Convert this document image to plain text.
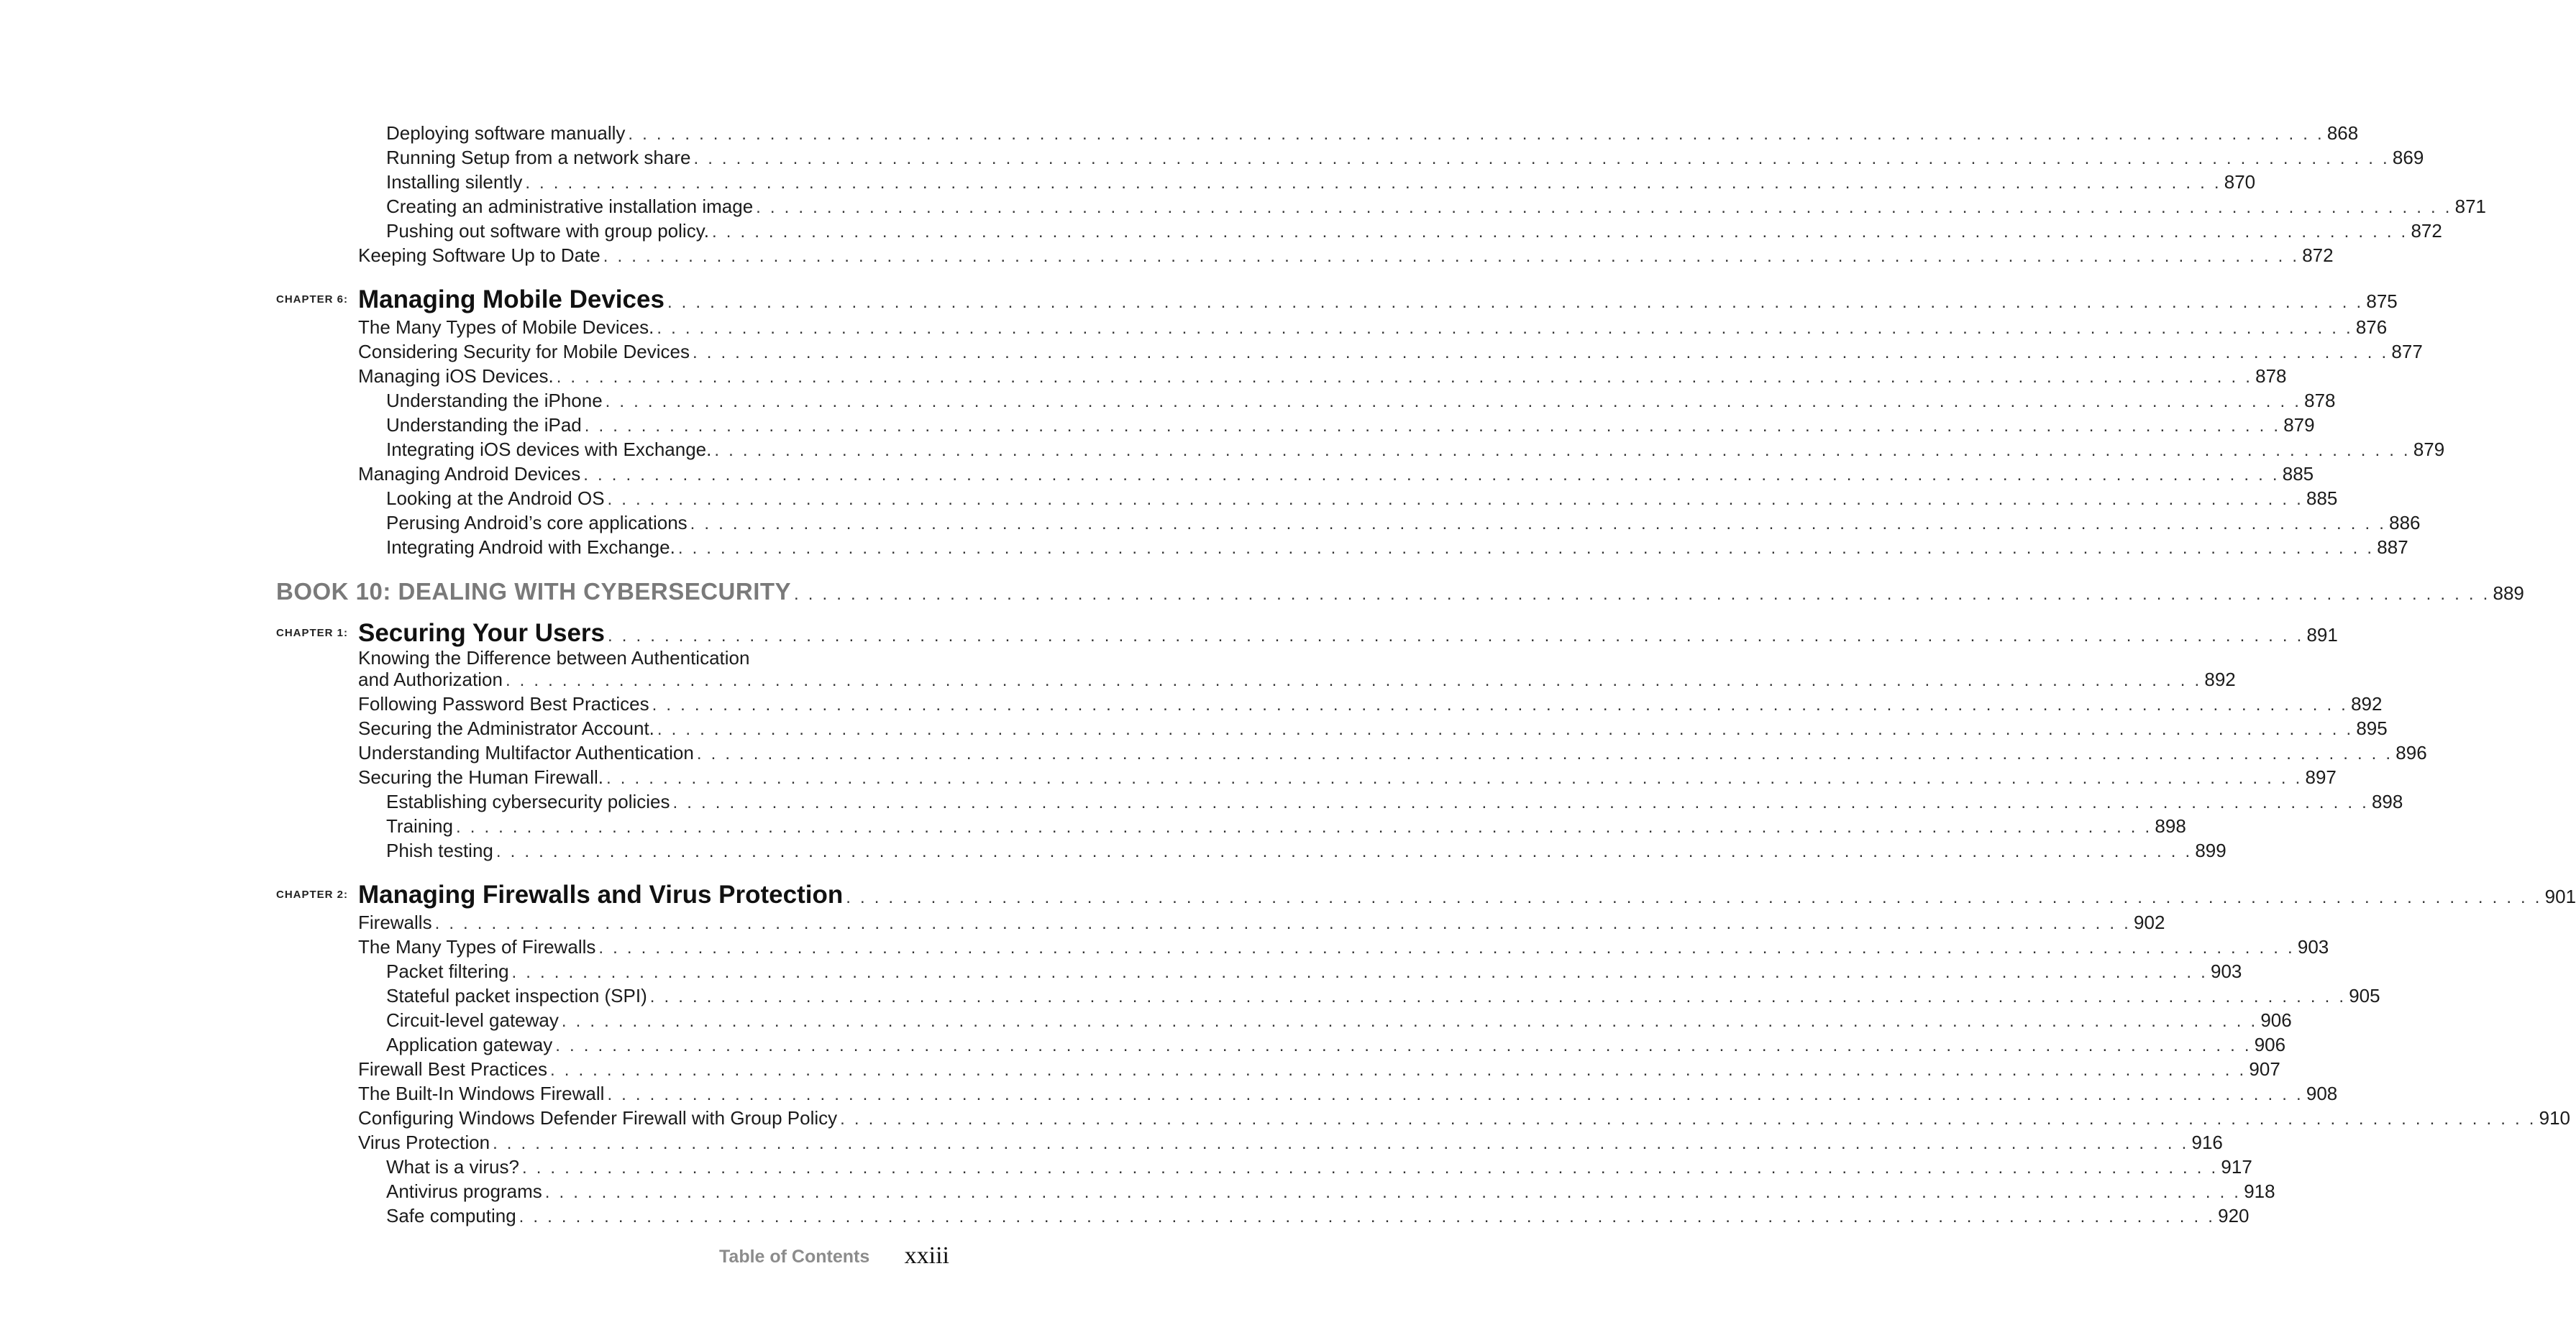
Deploying software manually . . . . . . . . . . . . . . . . . . . . . . . . . . . . . . . . . . . . . . . . . . . . . . . . . . . . . . . . . . . . . . . . . . . . . . . . . . . . . . . . . . . . . . . . . . . . . . . . . . . . . . . . . . . . . . . . . . . . . . . . 868
Running Setup from a network share . . . . . . . . . . . . . . . . . . . . . . . . . . . . . . . . . . . . . . . . . . . . . . . . . . . . . . . . . . . . . . . . . . . . . . . . . . . . . . . . . . . . . . . . . . . . . . . . . . . . . . . . . . . . . . . . . . . . . . . . 869
Installing silently . . . . . . . . . . . . . . . . . . . . . . . . . . . . . . . . . . . . . . . . . . . . . . . . . . . . . . . . . . . . . . . . . . . . . . . . . . . . . . . . . . . . . . . . . . . . . . . . . . . . . . . . . . . . . . . . . . . . . . . . 870
Creating an administrative installation image . . . . . . . . . . . . . . . . . . . . . . . . . . . . . . . . . . . . . . . . . . . . . . . . . . . . . . . . . . . . . . . . . . . . . . . . . . . . . . . . . . . . . . . . . . . . . . . . . . . . . . . . . . . . . . . . . . . . . . . . 871
Pushing out software with group policy. . . . . . . . . . . . . . . . . . . . . . . . . . . . . . . . . . . . . . . . . . . . . . . . . . . . . . . . . . . . . . . . . . . . . . . . . . . . . . . . . . . . . . . . . . . . . . . . . . . . . . . . . . . . . . . . . . . . . . . . . 872
Keeping Software Up to Date . . . . . . . . . . . . . . . . . . . . . . . . . . . . . . . . . . . . . . . . . . . . . . . . . . . . . . . . . . . . . . . . . . . . . . . . . . . . . . . . . . . . . . . . . . . . . . . . . . . . . . . . . . . . . . . . . . . . . . . . 872
CHAPTER 6: Managing Mobile Devices . . . . . . . . . . . . . . . . . . . . . . . . . . . . . . . . . . . . . . . . . . . . . . . . . . . . . . . . . . . . . . . . . . . . . . . . . . . . . . . . . . . . . . . . . . . . . . . . . . . . . . . . . . . . . . . . . . . . . . . . 875
The Many Types of Mobile Devices. . . . . . . . . . . . . . . . . . . . . . . . . . . . . . . . . . . . . . . . . . . . . . . . . . . . . . . . . . . . . . . . . . . . . . . . . . . . . . . . . . . . . . . . . . . . . . . . . . . . . . . . . . . . . . . . . . . . . . . . . 876
Considering Security for Mobile Devices . . . . . . . . . . . . . . . . . . . . . . . . . . . . . . . . . . . . . . . . . . . . . . . . . . . . . . . . . . . . . . . . . . . . . . . . . . . . . . . . . . . . . . . . . . . . . . . . . . . . . . . . . . . . . . . . . . . . . . . . 877
Managing iOS Devices. . . . . . . . . . . . . . . . . . . . . . . . . . . . . . . . . . . . . . . . . . . . . . . . . . . . . . . . . . . . . . . . . . . . . . . . . . . . . . . . . . . . . . . . . . . . . . . . . . . . . . . . . . . . . . . . . . . . . . . . . 878
Understanding the iPhone . . . . . . . . . . . . . . . . . . . . . . . . . . . . . . . . . . . . . . . . . . . . . . . . . . . . . . . . . . . . . . . . . . . . . . . . . . . . . . . . . . . . . . . . . . . . . . . . . . . . . . . . . . . . . . . . . . . . . . . . 878
Understanding the iPad . . . . . . . . . . . . . . . . . . . . . . . . . . . . . . . . . . . . . . . . . . . . . . . . . . . . . . . . . . . . . . . . . . . . . . . . . . . . . . . . . . . . . . . . . . . . . . . . . . . . . . . . . . . . . . . . . . . . . . . . 879
Integrating iOS devices with Exchange. . . . . . . . . . . . . . . . . . . . . . . . . . . . . . . . . . . . . . . . . . . . . . . . . . . . . . . . . . . . . . . . . . . . . . . . . . . . . . . . . . . . . . . . . . . . . . . . . . . . . . . . . . . . . . . . . . . . . . . . . 879
Managing Android Devices . . . . . . . . . . . . . . . . . . . . . . . . . . . . . . . . . . . . . . . . . . . . . . . . . . . . . . . . . . . . . . . . . . . . . . . . . . . . . . . . . . . . . . . . . . . . . . . . . . . . . . . . . . . . . . . . . . . . . . . . 885
Looking at the Android OS . . . . . . . . . . . . . . . . . . . . . . . . . . . . . . . . . . . . . . . . . . . . . . . . . . . . . . . . . . . . . . . . . . . . . . . . . . . . . . . . . . . . . . . . . . . . . . . . . . . . . . . . . . . . . . . . . . . . . . . . 885
Perusing Android’s core applications . . . . . . . . . . . . . . . . . . . . . . . . . . . . . . . . . . . . . . . . . . . . . . . . . . . . . . . . . . . . . . . . . . . . . . . . . . . . . . . . . . . . . . . . . . . . . . . . . . . . . . . . . . . . . . . . . . . . . . . . 886
Integrating Android with Exchange. . . . . . . . . . . . . . . . . . . . . . . . . . . . . . . . . . . . . . . . . . . . . . . . . . . . . . . . . . . . . . . . . . . . . . . . . . . . . . . . . . . . . . . . . . . . . . . . . . . . . . . . . . . . . . . . . . . . . . . . . 887
BOOK 10: DEALING WITH CYBERSECURITY . . . . . . . . . . . . . . . . . . . . . . . . . . . . . . . . . . . . . . . . . . . . . . . . . . . . . . . . . . . . . . . . . . . . . . . . . . . . . . . . . . . . . . . . . . . . . . . . . . . . . . . . . . . . . . . . . . . . . . . . 889
CHAPTER 1: Securing Your Users . . . . . . . . . . . . . . . . . . . . . . . . . . . . . . . . . . . . . . . . . . . . . . . . . . . . . . . . . . . . . . . . . . . . . . . . . . . . . . . . . . . . . . . . . . . . . . . . . . . . . . . . . . . . . . . . . . . . . . . . 891
Knowing the Difference between Authentication
and Authorization . . . . . . . . . . . . . . . . . . . . . . . . . . . . . . . . . . . . . . . . . . . . . . . . . . . . . . . . . . . . . . . . . . . . . . . . . . . . . . . . . . . . . . . . . . . . . . . . . . . . . . . . . . . . . . . . . . . . . . . . 892
Following Password Best Practices . . . . . . . . . . . . . . . . . . . . . . . . . . . . . . . . . . . . . . . . . . . . . . . . . . . . . . . . . . . . . . . . . . . . . . . . . . . . . . . . . . . . . . . . . . . . . . . . . . . . . . . . . . . . . . . . . . . . . . . . 892
Securing the Administrator Account. . . . . . . . . . . . . . . . . . . . . . . . . . . . . . . . . . . . . . . . . . . . . . . . . . . . . . . . . . . . . . . . . . . . . . . . . . . . . . . . . . . . . . . . . . . . . . . . . . . . . . . . . . . . . . . . . . . . . . . . . 895
Understanding Multifactor Authentication . . . . . . . . . . . . . . . . . . . . . . . . . . . . . . . . . . . . . . . . . . . . . . . . . . . . . . . . . . . . . . . . . . . . . . . . . . . . . . . . . . . . . . . . . . . . . . . . . . . . . . . . . . . . . . . . . . . . . . . . 896
Securing the Human Firewall. . . . . . . . . . . . . . . . . . . . . . . . . . . . . . . . . . . . . . . . . . . . . . . . . . . . . . . . . . . . . . . . . . . . . . . . . . . . . . . . . . . . . . . . . . . . . . . . . . . . . . . . . . . . . . . . . . . . . . . . . 897
Establishing cybersecurity policies . . . . . . . . . . . . . . . . . . . . . . . . . . . . . . . . . . . . . . . . . . . . . . . . . . . . . . . . . . . . . . . . . . . . . . . . . . . . . . . . . . . . . . . . . . . . . . . . . . . . . . . . . . . . . . . . . . . . . . . . 898
Training . . . . . . . . . . . . . . . . . . . . . . . . . . . . . . . . . . . . . . . . . . . . . . . . . . . . . . . . . . . . . . . . . . . . . . . . . . . . . . . . . . . . . . . . . . . . . . . . . . . . . . . . . . . . . . . . . . . . . . . . 898
Phish testing . . . . . . . . . . . . . . . . . . . . . . . . . . . . . . . . . . . . . . . . . . . . . . . . . . . . . . . . . . . . . . . . . . . . . . . . . . . . . . . . . . . . . . . . . . . . . . . . . . . . . . . . . . . . . . . . . . . . . . . . 899
CHAPTER 2: Managing Firewalls and Virus Protection . . . . . . . . . . . . . . . . . . . . . . . . . . . . . . . . . . . . . . . . . . . . . . . . . . . . . . . . . . . . . . . . . . . . . . . . . . . . . . . . . . . . . . . . . . . . . . . . . . . . . . . . . . . . . . . . . . . . . . . . 901
Firewalls . . . . . . . . . . . . . . . . . . . . . . . . . . . . . . . . . . . . . . . . . . . . . . . . . . . . . . . . . . . . . . . . . . . . . . . . . . . . . . . . . . . . . . . . . . . . . . . . . . . . . . . . . . . . . . . . . . . . . . . . 902
The Many Types of Firewalls . . . . . . . . . . . . . . . . . . . . . . . . . . . . . . . . . . . . . . . . . . . . . . . . . . . . . . . . . . . . . . . . . . . . . . . . . . . . . . . . . . . . . . . . . . . . . . . . . . . . . . . . . . . . . . . . . . . . . . . . 903
Packet filtering . . . . . . . . . . . . . . . . . . . . . . . . . . . . . . . . . . . . . . . . . . . . . . . . . . . . . . . . . . . . . . . . . . . . . . . . . . . . . . . . . . . . . . . . . . . . . . . . . . . . . . . . . . . . . . . . . . . . . . . . 903
Stateful packet inspection (SPI) . . . . . . . . . . . . . . . . . . . . . . . . . . . . . . . . . . . . . . . . . . . . . . . . . . . . . . . . . . . . . . . . . . . . . . . . . . . . . . . . . . . . . . . . . . . . . . . . . . . . . . . . . . . . . . . . . . . . . . . . 905
Circuit-level gateway . . . . . . . . . . . . . . . . . . . . . . . . . . . . . . . . . . . . . . . . . . . . . . . . . . . . . . . . . . . . . . . . . . . . . . . . . . . . . . . . . . . . . . . . . . . . . . . . . . . . . . . . . . . . . . . . . . . . . . . . 906
Application gateway . . . . . . . . . . . . . . . . . . . . . . . . . . . . . . . . . . . . . . . . . . . . . . . . . . . . . . . . . . . . . . . . . . . . . . . . . . . . . . . . . . . . . . . . . . . . . . . . . . . . . . . . . . . . . . . . . . . . . . . . 906
Firewall Best Practices . . . . . . . . . . . . . . . . . . . . . . . . . . . . . . . . . . . . . . . . . . . . . . . . . . . . . . . . . . . . . . . . . . . . . . . . . . . . . . . . . . . . . . . . . . . . . . . . . . . . . . . . . . . . . . . . . . . . . . . . 907
The Built-In Windows Firewall . . . . . . . . . . . . . . . . . . . . . . . . . . . . . . . . . . . . . . . . . . . . . . . . . . . . . . . . . . . . . . . . . . . . . . . . . . . . . . . . . . . . . . . . . . . . . . . . . . . . . . . . . . . . . . . . . . . . . . . . 908
Configuring Windows Defender Firewall with Group Policy . . . . . . . . . . . . . . . . . . . . . . . . . . . . . . . . . . . . . . . . . . . . . . . . . . . . . . . . . . . . . . . . . . . . . . . . . . . . . . . . . . . . . . . . . . . . . . . . . . . . . . . . . . . . . . . . . . . . . . . . 910
Virus Protection . . . . . . . . . . . . . . . . . . . . . . . . . . . . . . . . . . . . . . . . . . . . . . . . . . . . . . . . . . . . . . . . . . . . . . . . . . . . . . . . . . . . . . . . . . . . . . . . . . . . . . . . . . . . . . . . . . . . . . . . 916
What is a virus? . . . . . . . . . . . . . . . . . . . . . . . . . . . . . . . . . . . . . . . . . . . . . . . . . . . . . . . . . . . . . . . . . . . . . . . . . . . . . . . . . . . . . . . . . . . . . . . . . . . . . . . . . . . . . . . . . . . . . . . . 917
Antivirus programs . . . . . . . . . . . . . . . . . . . . . . . . . . . . . . . . . . . . . . . . . . . . . . . . . . . . . . . . . . . . . . . . . . . . . . . . . . . . . . . . . . . . . . . . . . . . . . . . . . . . . . . . . . . . . . . . . . . . . . . . 918
Safe computing . . . . . . . . . . . . . . . . . . . . . . . . . . . . . . . . . . . . . . . . . . . . . . . . . . . . . . . . . . . . . . . . . . . . . . . . . . . . . . . . . . . . . . . . . . . . . . . . . . . . . . . . . . . . . . . . . . . . . . . . 920
Table of Contents xxiii
